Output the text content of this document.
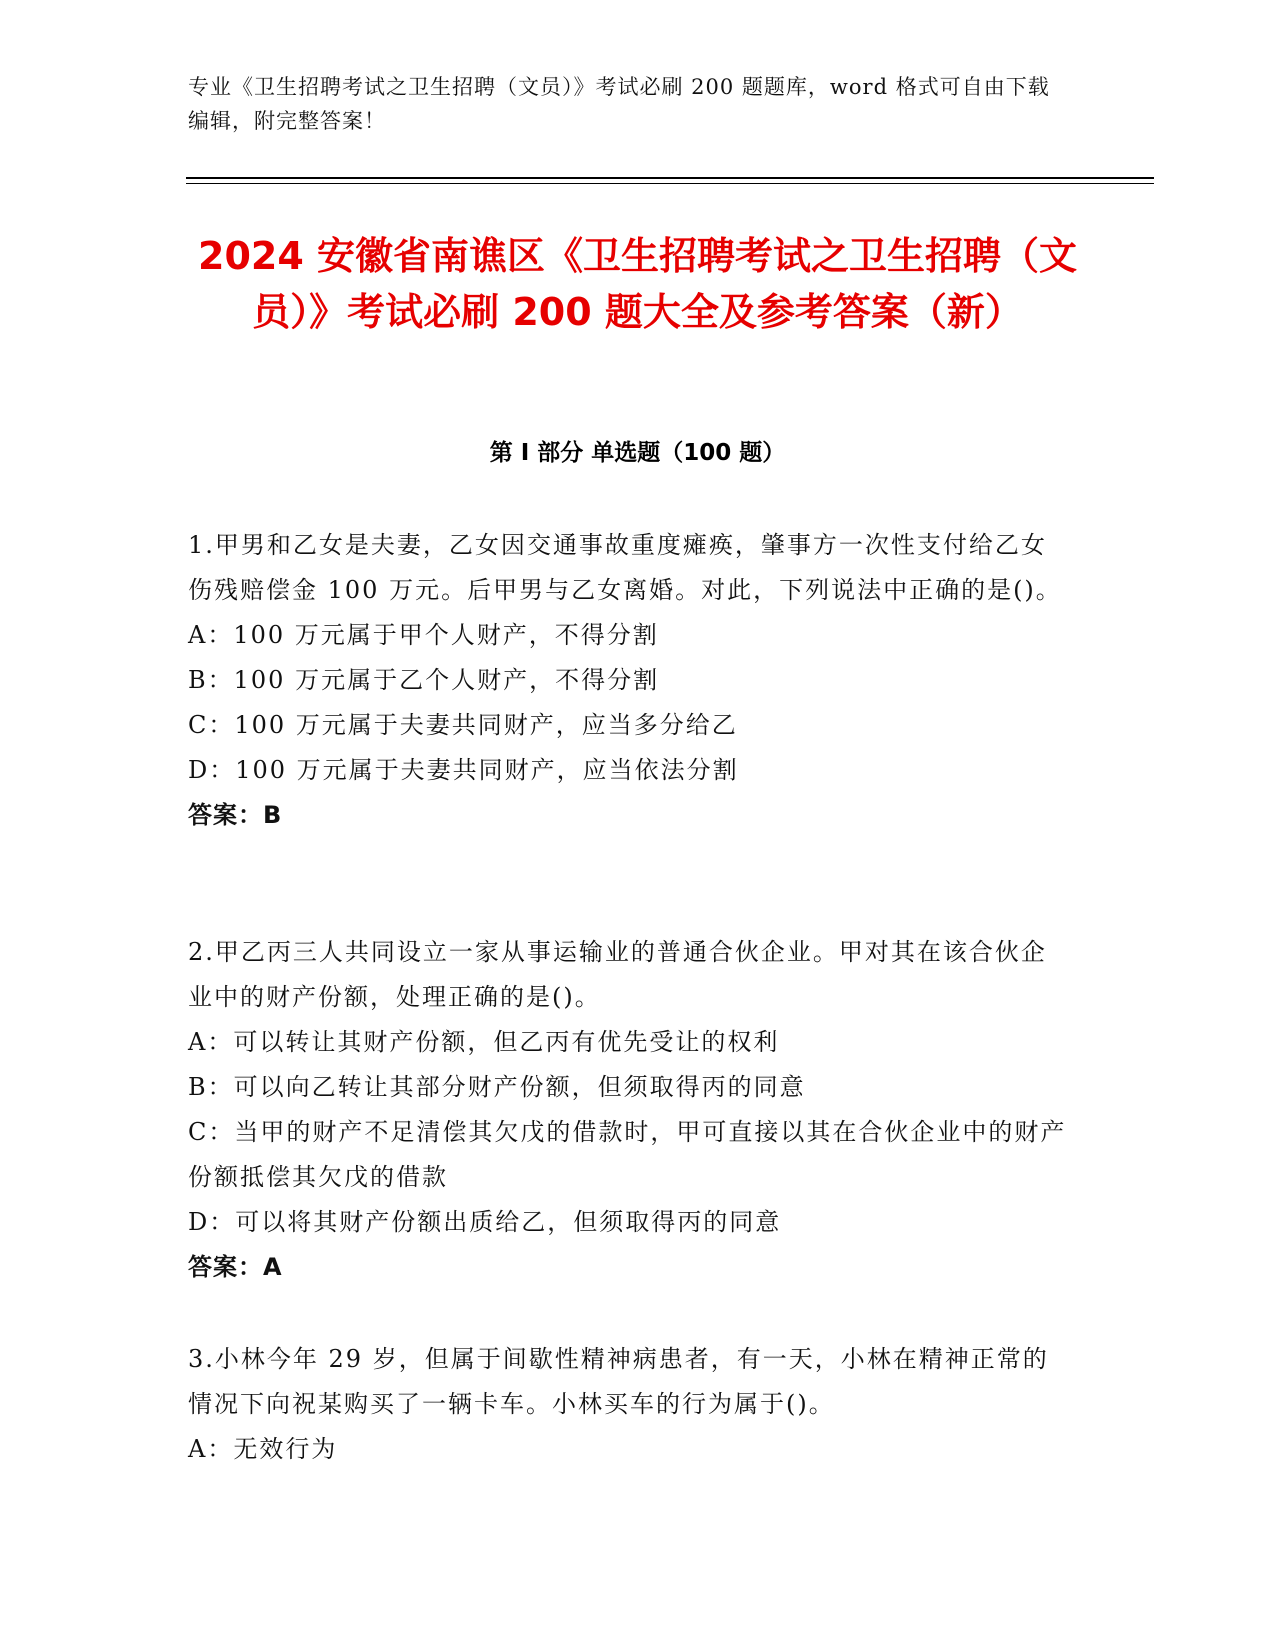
专业《卫生招聘考试之卫生招聘（文员）》考试必刷 200 题题库，word 格式可自由下载编辑，附完整答案！
2024 安徽省南谯区《卫生招聘考试之卫生招聘（文员）》考试必刷 200 题大全及参考答案（新）
第 I 部分 单选题（100 题）

1.甲男和乙女是夫妻，乙女因交通事故重度瘫痪，肇事方一次性支付给乙女伤残赔偿金 100 万元。后甲男与乙女离婚。对此，下列说法中正确的是()。

A：100 万元属于甲个人财产，不得分割

B：100 万元属于乙个人财产，不得分割

C：100 万元属于夫妻共同财产，应当多分给乙

D：100 万元属于夫妻共同财产，应当依法分割

答案：B

2.甲乙丙三人共同设立一家从事运输业的普通合伙企业。甲对其在该合伙企业中的财产份额，处理正确的是()。

A：可以转让其财产份额，但乙丙有优先受让的权利

B：可以向乙转让其部分财产份额，但须取得丙的同意

C：当甲的财产不足清偿其欠戊的借款时，甲可直接以其在合伙企业中的财产份额抵偿其欠戊的借款

D：可以将其财产份额出质给乙，但须取得丙的同意

答案：A

3.小林今年 29 岁，但属于间歇性精神病患者，有一天，小林在精神正常的情况下向祝某购买了一辆卡车。小林买车的行为属于()。

A：无效行为
